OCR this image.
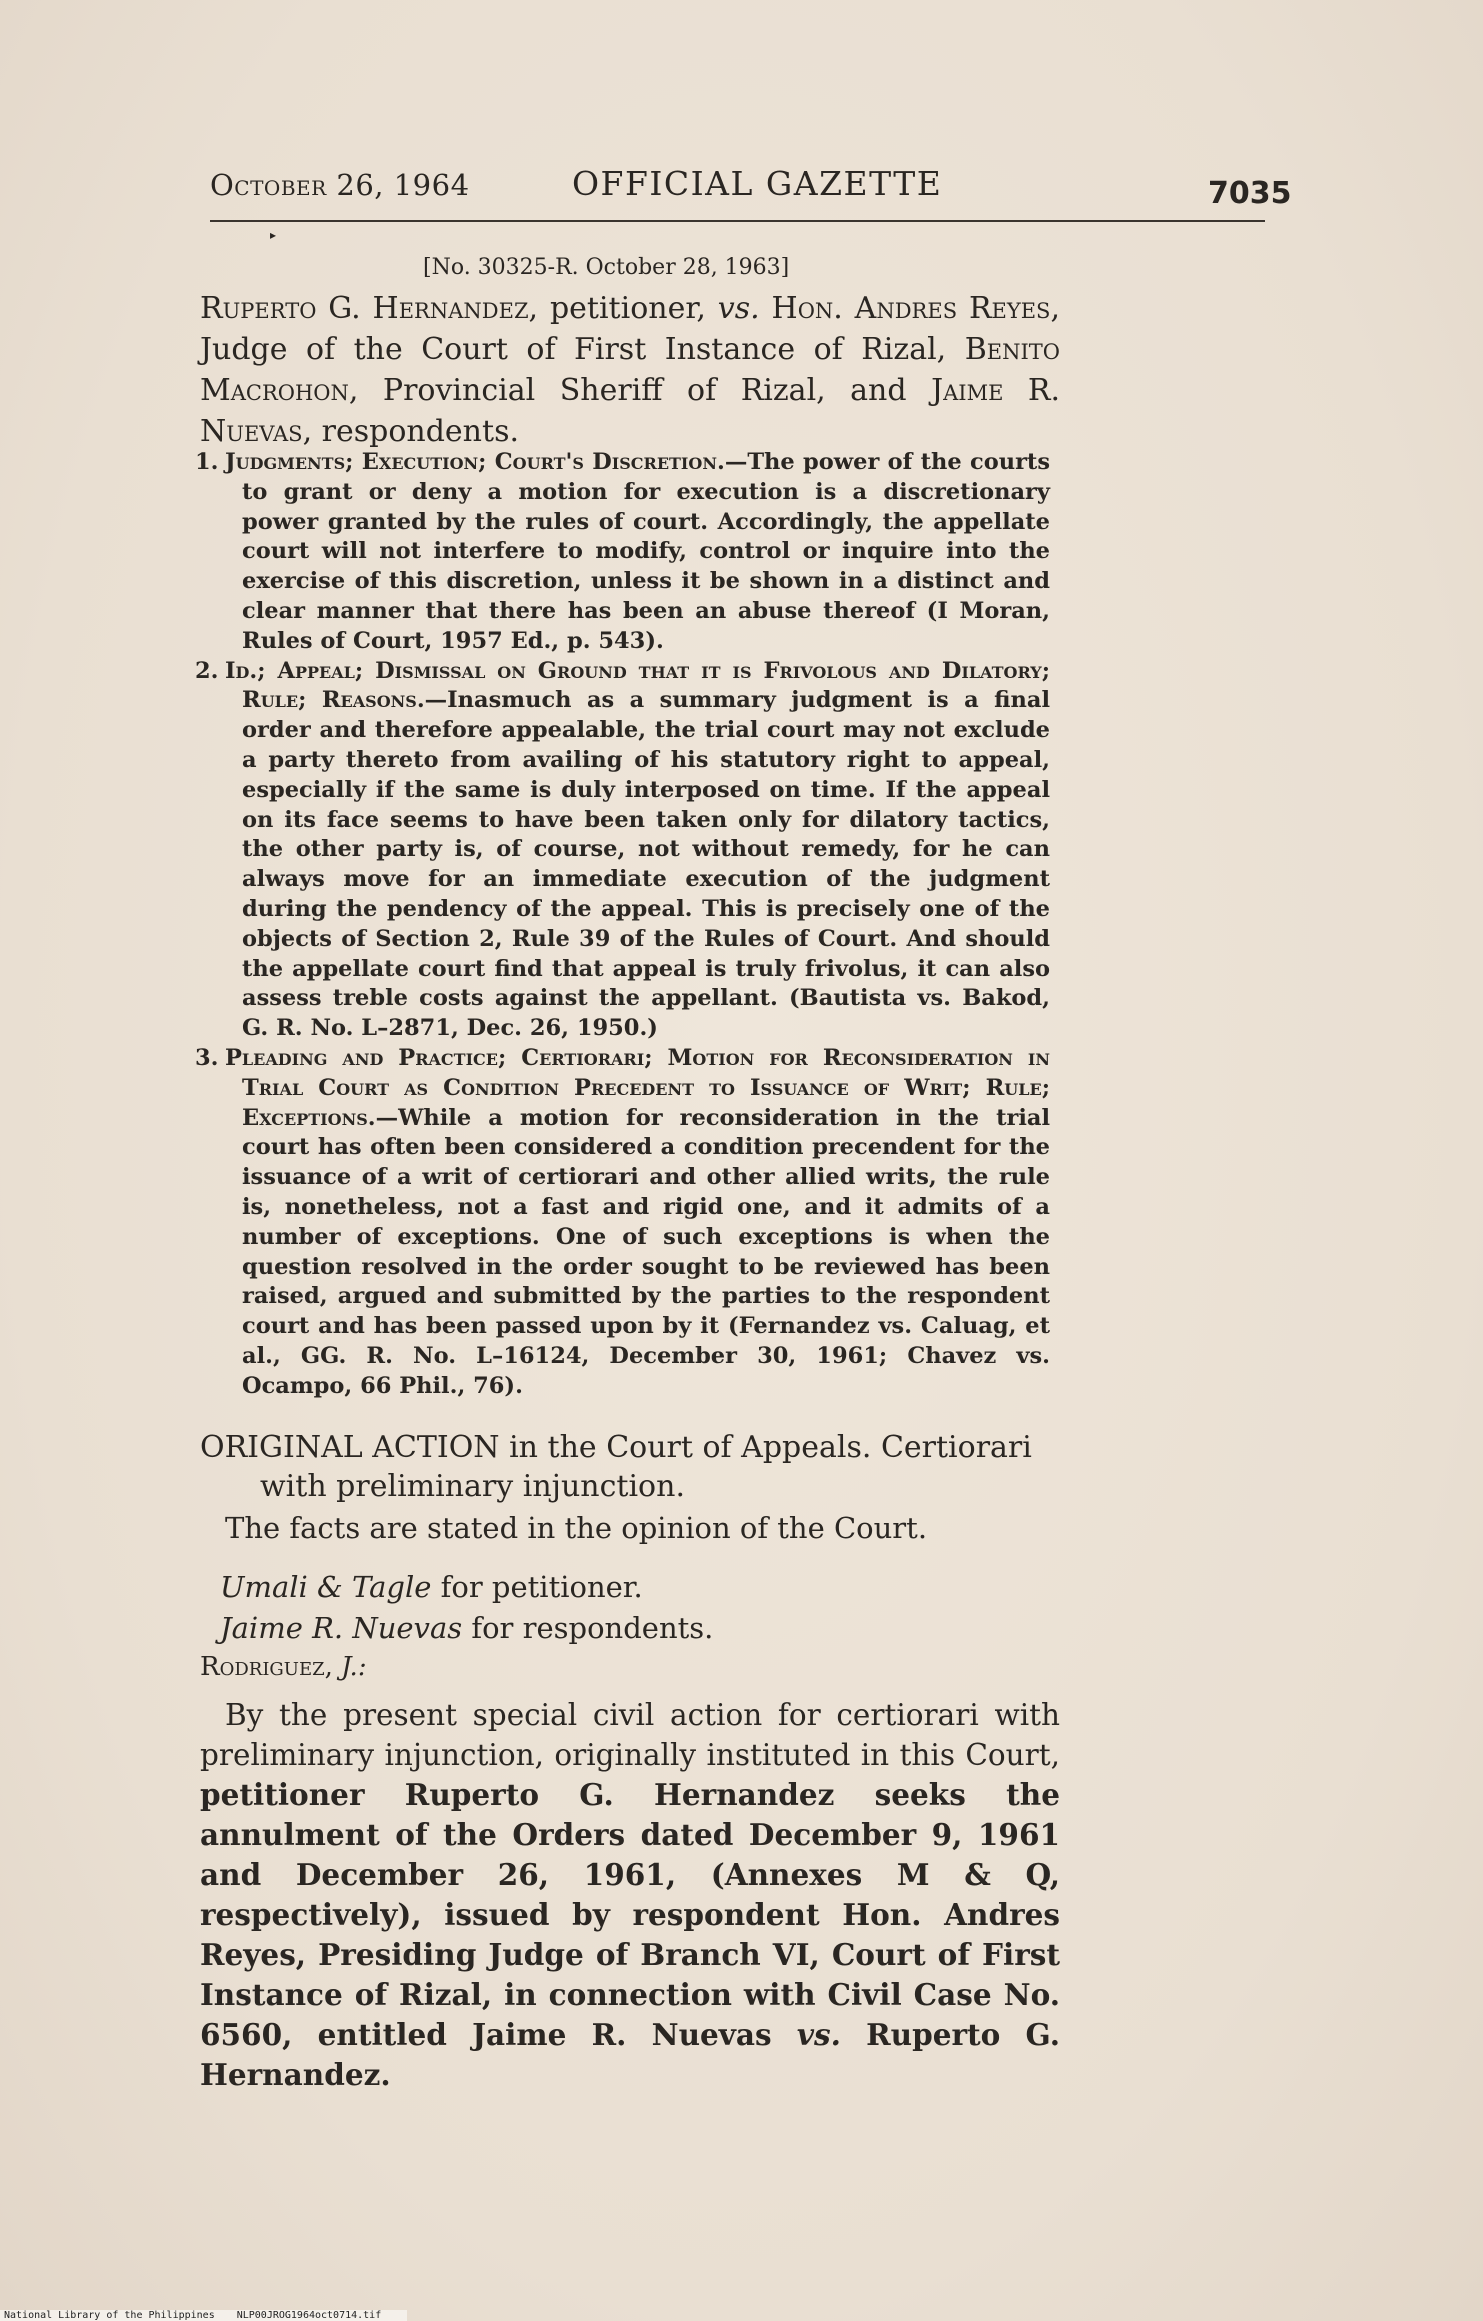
October 26, 1964	OFFICIAL GAZETTE	7035
▸
[No. 30325-R. October 28, 1963]
Ruperto G. Hernandez, petitioner, vs. Hon. Andres Reyes, Judge of the Court of First Instance of Rizal, Benito Macrohon, Provincial Sheriff of Rizal, and Jaime R. Nuevas, respondents.

1. Judgments; Execution; Court's Discretion.—The power of the courts to grant or deny a motion for execution is a discretionary power granted by the rules of court. Accordingly, the appellate court will not interfere to modify, control or inquire into the exercise of this discretion, unless it be shown in a distinct and clear manner that there has been an abuse thereof (I Moran, Rules of Court, 1957 Ed., p. 543).

2. Id.; Appeal; Dismissal on Ground that it is Frivolous and Dilatory; Rule; Reasons.—Inasmuch as a summary judgment is a final order and therefore appealable, the trial court may not exclude a party thereto from availing of his statutory right to appeal, especially if the same is duly interposed on time. If the appeal on its face seems to have been taken only for dilatory tactics, the other party is, of course, not without remedy, for he can always move for an immediate execution of the judgment during the pendency of the appeal. This is precisely one of the objects of Section 2, Rule 39 of the Rules of Court. And should the appellate court find that appeal is truly frivolus, it can also assess treble costs against the appellant. (Bautista vs. Bakod, G. R. No. L–2871, Dec. 26, 1950.)

3. Pleading and Practice; Certiorari; Motion for Reconsideration in Trial Court as Condition Precedent to Issuance of Writ; Rule; Exceptions.—While a motion for reconsideration in the trial court has often been considered a condition precendent for the issuance of a writ of certiorari and other allied writs, the rule is, nonetheless, not a fast and rigid one, and it admits of a number of exceptions. One of such exceptions is when the question resolved in the order sought to be reviewed has been raised, argued and submitted by the parties to the respondent court and has been passed upon by it (Fernandez vs. Caluag, et al., GG. R. No. L–16124, December 30, 1961; Chavez vs. Ocampo, 66 Phil., 76).

ORIGINAL ACTION in the Court of Appeals. Certiorari
with preliminary injunction.
The facts are stated in the opinion of the Court.
Umali & Tagle for petitioner.
Jaime R. Nuevas for respondents.
Rodriguez, J.:
By the present special civil action for certiorari with preliminary injunction, originally instituted in this Court, petitioner Ruperto G. Hernandez seeks the annulment of the Orders dated December 9, 1961 and December 26, 1961, (Annexes M & Q, respectively), issued by respondent Hon. Andres Reyes, Presiding Judge of Branch VI, Court of First Instance of Rizal, in connection with Civil Case No. 6560, entitled Jaime R. Nuevas vs. Ruperto G. Hernandez.
National Library of the Philippines NLP00JROG1964oct0714.tif
